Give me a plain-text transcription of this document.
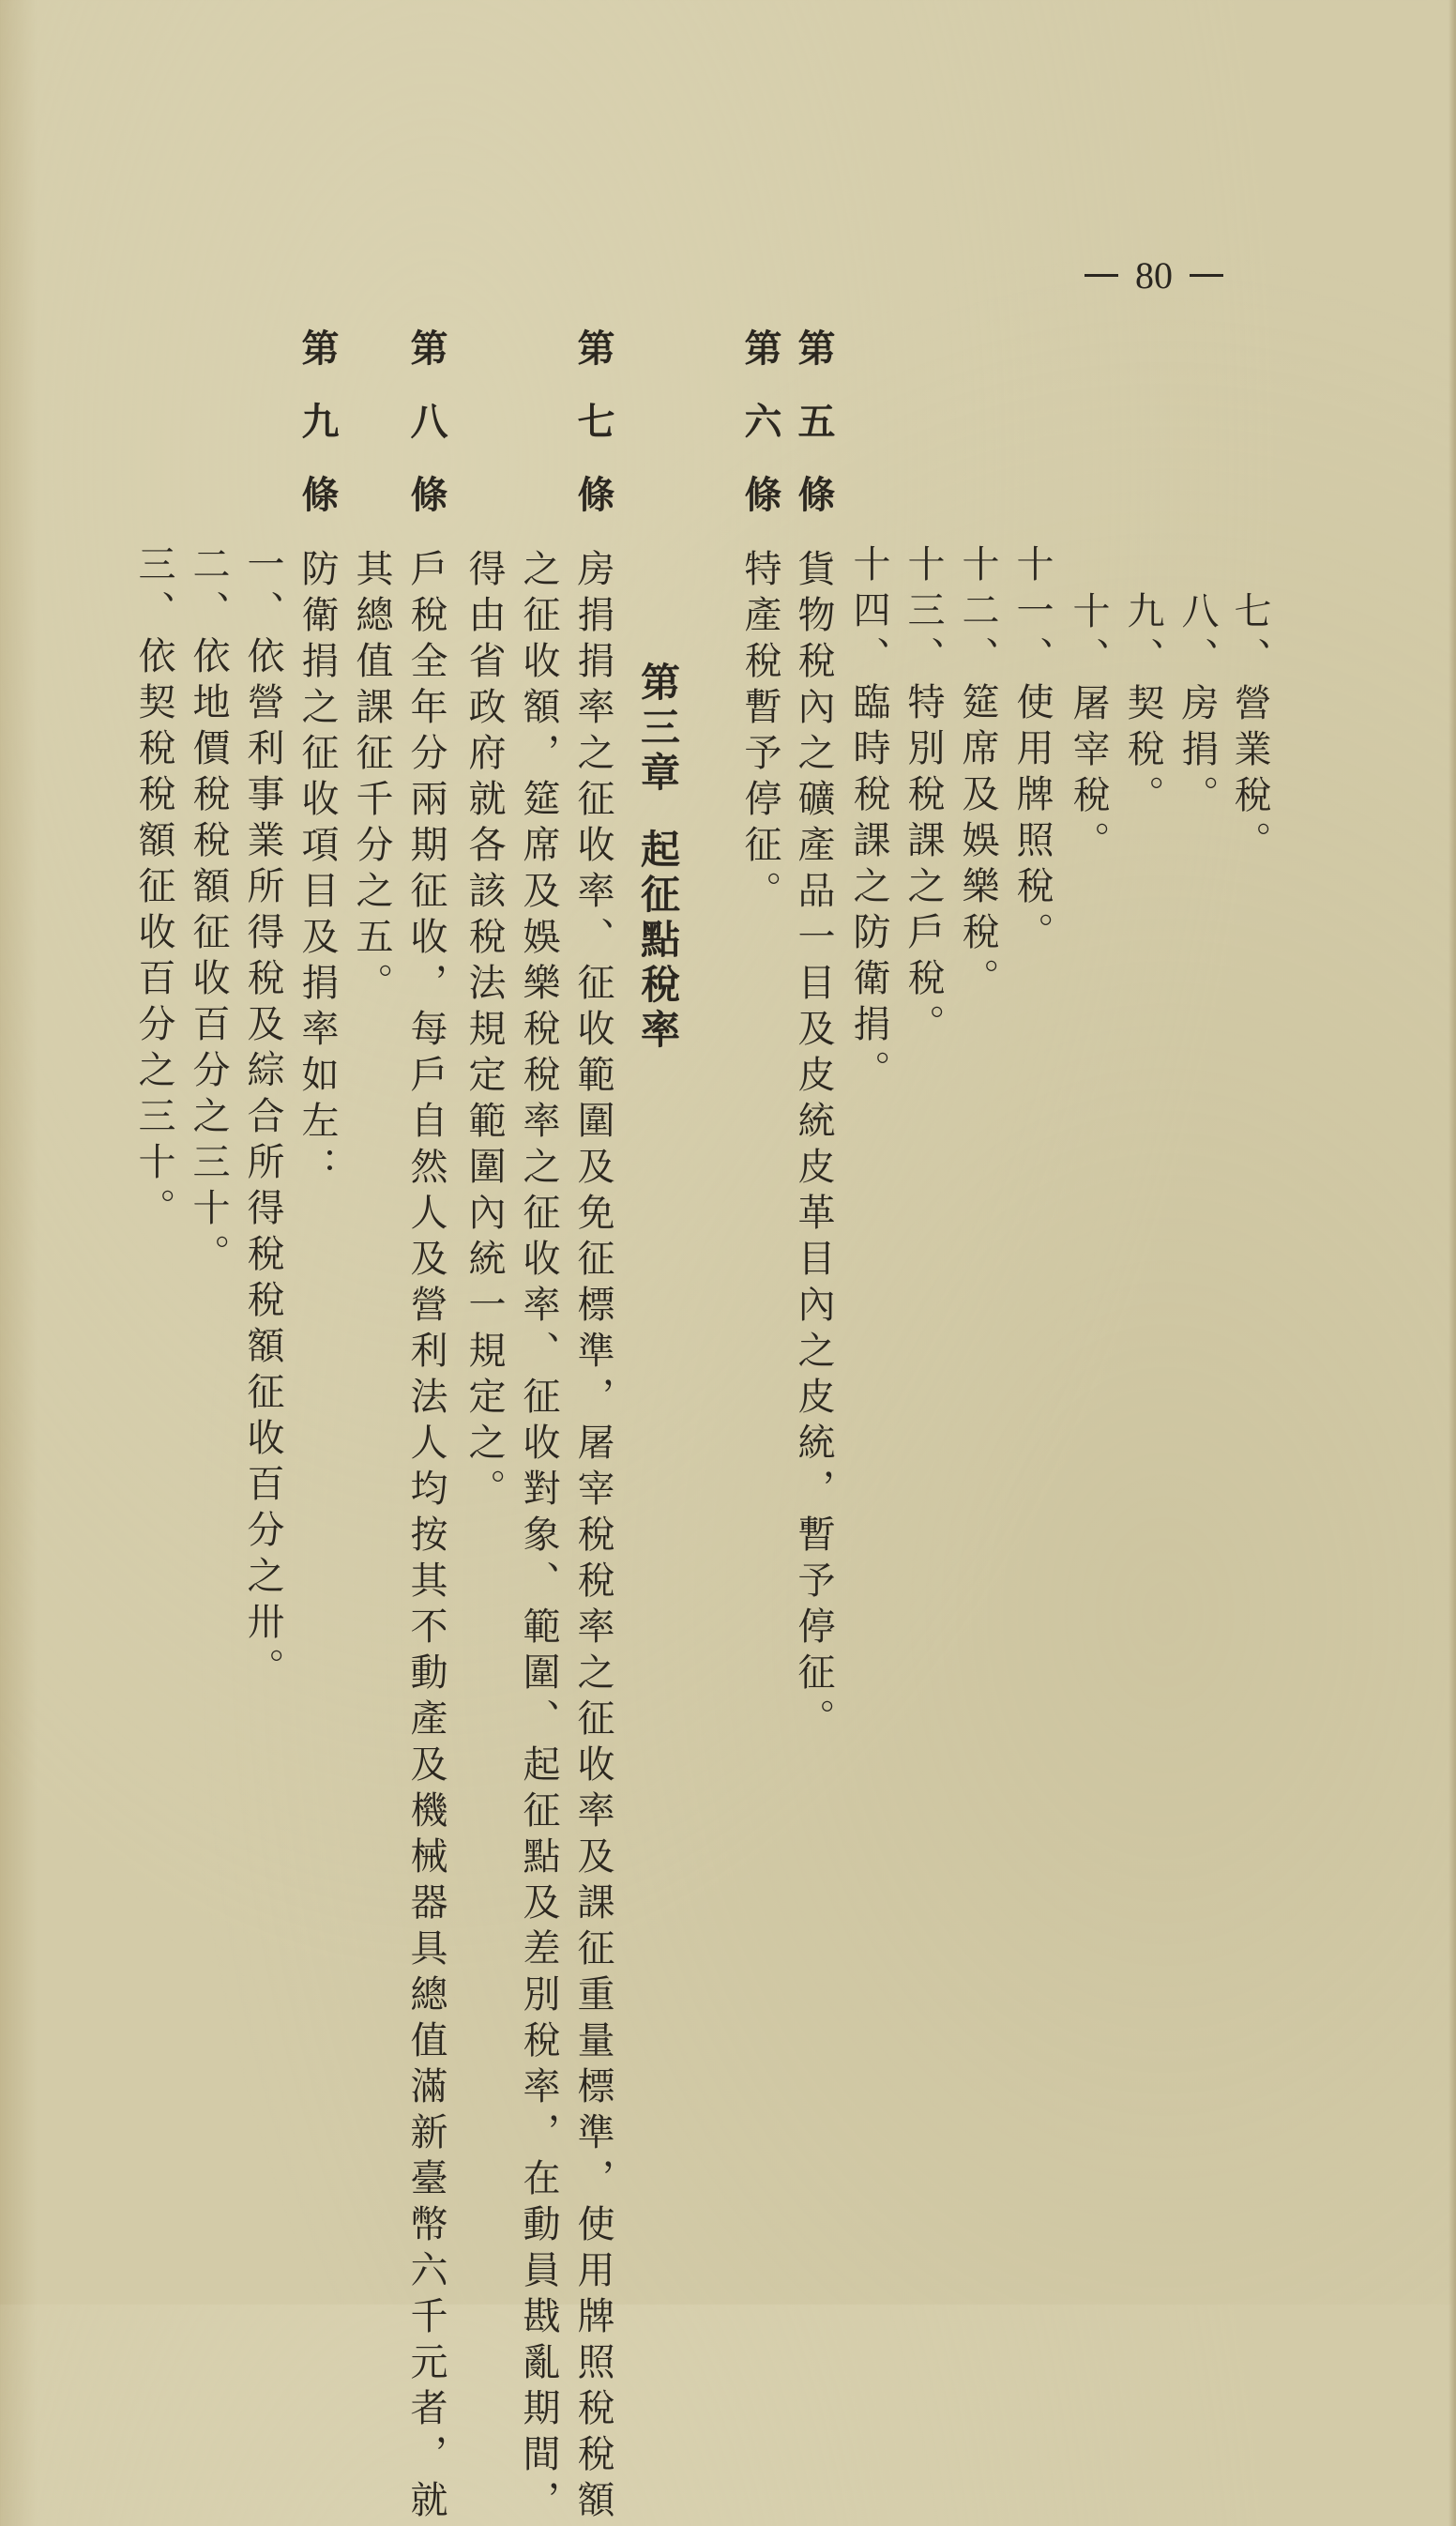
80
七、營業稅。
八、房捐。
九、契稅。
十、屠宰稅。
十一、使用牌照稅。
十二、筵席及娛樂稅。
十三、特別稅課之戶稅。
十四、臨時稅課之防衛捐。
第五條
貨物稅內之礦產品一目及皮統皮革目內之皮統，暫予停征。
第六條
特產稅暫予停征。
第三章起征點稅率
第七條
房捐捐率之征收率、征收範圍及免征標準，屠宰稅稅率之征收率及課征重量標準，使用牌照稅稅額
之征收額，筵席及娛樂稅稅率之征收率、征收對象、範圍、起征點及差別稅率，在動員戡亂期間，
得由省政府就各該稅法規定範圍內統一規定之。
第八條
戶稅全年分兩期征收，每戶自然人及營利法人均按其不動產及機械器具總值滿新臺幣六千元者，就
其總值課征千分之五。
第九條
防衛捐之征收項目及捐率如左：
一、依營利事業所得稅及綜合所得稅稅額征收百分之卅。
二、依地價稅稅額征收百分之三十。
三、依契稅稅額征收百分之三十。
